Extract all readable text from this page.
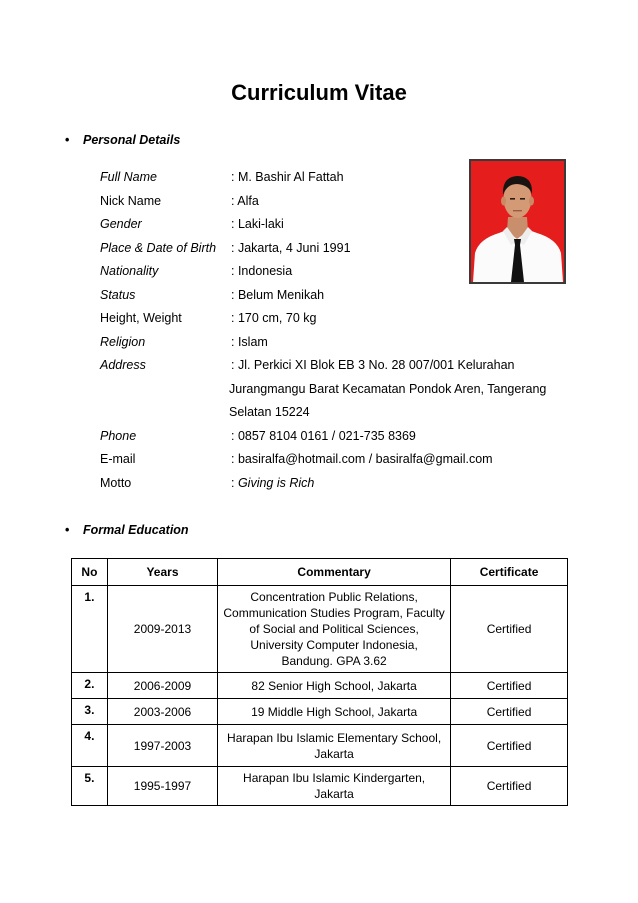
Curriculum Vitae
• Personal Details
Full Name	: M. Bashir Al Fattah
Nick Name	: Alfa
Gender	: Laki-laki
Place & Date of Birth : Jakarta, 4 Juni 1991
Nationality	: Indonesia
Status	: Belum Menikah
Height, Weight	: 170 cm, 70 kg
Religion	: Islam
Address	: Jl. Perkici XI Blok EB 3 No. 28 007/001 Kelurahan
Jurangmangu Barat Kecamatan Pondok Aren, Tangerang
Selatan 15224
Phone	: 0857 8104 0161 / 021-735 8369
E-mail	: basiralfa@hotmail.com / basiralfa@gmail.com
Motto	: Giving is Rich
• Formal Education
No	Years	Commentary	Certificate
1.	2009-2013	Concentration Public Relations, Communication Studies Program, Faculty of Social and Political Sciences, University Computer Indonesia, Bandung. GPA 3.62	Certified
2.	2006-2009	82 Senior High School, Jakarta	Certified
3.	2003-2006	19 Middle High School, Jakarta	Certified
4.	1997-2003	Harapan Ibu Islamic Elementary School, Jakarta	Certified
5.	1995-1997	Harapan Ibu Islamic Kindergarten, Jakarta	Certified
